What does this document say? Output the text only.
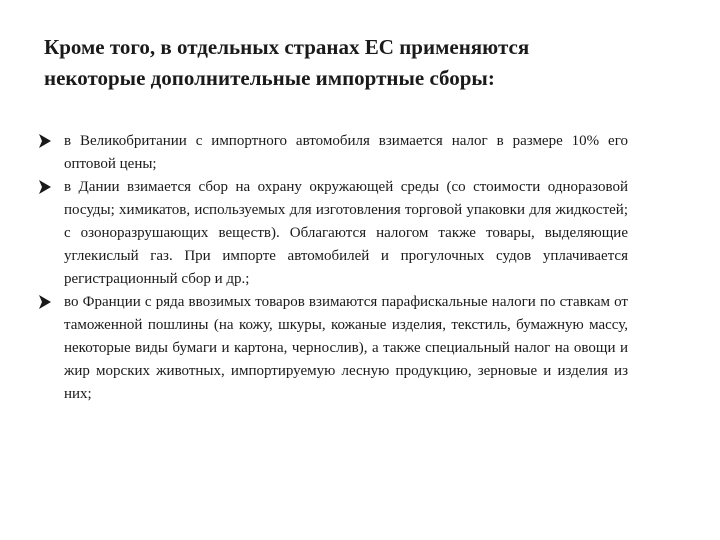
Кроме того, в отдельных странах ЕС применяются
некоторые дополнительные импортные сборы:
в Великобритании с импортного автомобиля взимается налог в размере 10% его оптовой цены;
в Дании взимается сбор на охрану окружающей среды (со стоимости одноразовой посуды; химикатов, используемых для изготовления торговой упаковки для жидкостей; с озоноразрушающих веществ). Облагаются налогом также товары, выделяющие углекислый газ. При импорте автомобилей и прогулочных судов уплачивается регистрационный сбор и др.;
во Франции с ряда ввозимых товаров взимаются парафискальные налоги по ставкам от таможенной пошлины (на кожу, шкуры, кожаные изделия, текстиль, бумажную массу, некоторые виды бумаги и картона, чернослив), а также специальный налог на овощи и жир морских животных, импортируемую лесную продукцию, зерновые и изделия из них;
